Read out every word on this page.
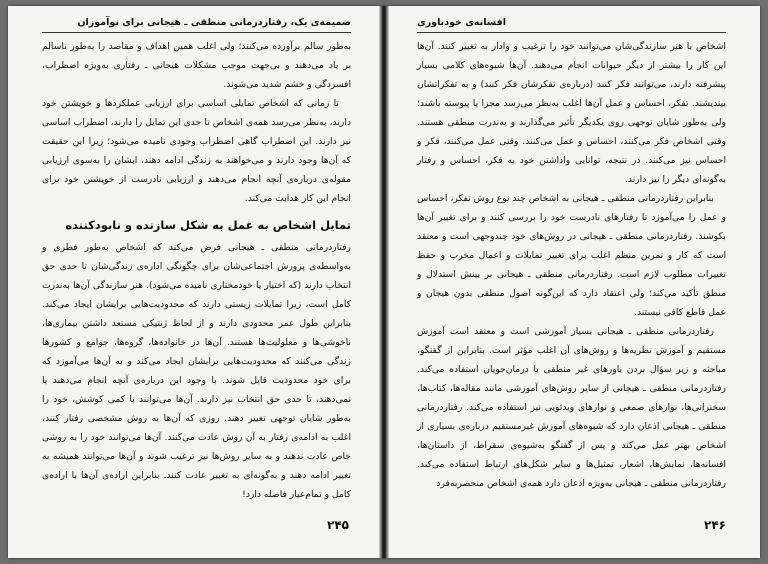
ضمیمه‌ی یک، رفتاردرمانی منطقی ـ هیجانی برای نوآموزان

به‌طور سالم برآورده می‌کنند؛ ولی اغلب همین اهداف و مقاصد را به‌طور ناسالم بر یاد می‌دهند و بی‌جهت موجب مشکلات هیجانی ـ رفتاری به‌ویژه اضطراب، افسردگی و خشم شدید می‌شوند.

تا زمانی که اشخاص تمایلی اساسی برای ارزیابی عملکردها و خویشتن خود دارند، به‌نظر می‌رسد همه‌ی اشخاص تا حدی این تمایل را دارند، اضطراب اساسی نیز دارند. این اضطراب گاهی اضطراب وجودی نامیده می‌شود؛ زیرا این حقیقت که آن‌ها وجود دارند و می‌خواهند به زندگی ادامه دهند، ایشان را به‌سوی ارزیابی مقوله‌ی درباره‌ی آنچه انجام می‌دهند و ارزیابی نادرست از خویشتن خود برای انجام این کار هدایت می‌کند.

تمایل اشخاص به عمل به شکل سازنده و نابودکننده

رفتاردرمانی منطقی ـ هیجانی فرض می‌کند که اشخاص به‌طور فطری و به‌واسطه‌ی پرورش اجتماعی‌شان برای چگونگی اداره‌ی زندگی‌شان تا حدی حق انتخاب دارند (که اختیار یا خودمختاری نامیده می‌شود). هنر سازندگی آن‌ها به‌ندرت کامل است، زیرا تمایلات زیستی دارند که محدودیت‌هایی برایشان ایجاد می‌کند. بنابراین طول عمر محدودی دارند و از لحاظ ژنتیکی مستعد داشتن بیماری‌ها، ناخوشی‌ها و معلولیت‌ها هستند. آن‌ها در خانواده‌ها، گروه‌ها، جوامع و کشورها زندگی می‌کنند که محدودیت‌هایی برایشان ایجاد می‌کند و به آن‌ها می‌آموزد که برای خود محدودیت قایل شوند. با وجود این درباره‌ی آنچه انجام می‌دهند یا نمی‌دهند، تا حدی حق انتخاب نیز دارند. آن‌ها می‌توانند با کمی کوشش، خود را به‌طور شایان توجهی تغییر دهند. روزی که آن‌ها به روش مشخصی رفتار کنند، اغلب به ادامه‌ی رفتار به آن روش عادت می‌کنند. آن‌ها می‌توانند خود را به روشی خاص عادت ندهند و به سایر روش‌ها نیز ترغیب شوند و آن‌ها می‌توانند همیشه به تغییر ادامه دهند و به‌گونه‌ای به تغییر عادت کنند. بنابراین اراده‌ی آن‌ها با اراده‌ی کامل و تمام‌عیار فاصله دارد!

۲۴۵
افسانه‌ی خودباوری

اشخاص با هنر سازندگی‌شان می‌توانند خود را ترغیب و وادار به تغییر کنند. آن‌ها این کار را بیشتر از دیگر حیوانات انجام می‌دهند. آن‌ها شیوه‌های کلامی بسیار پیشرفته دارند، می‌توانند فکر کنند (درباره‌ی تفکرشان فکر کنند) و به تفکراتشان بیندیشند. تفکر، احساس و عمل آن‌ها اغلب به‌نظر می‌رسد مجزا یا پیوسته باشند؛ ولی به‌طور شایان توجهی روی یکدیگر تأثیر می‌گذارند و به‌ندرت منطقی هستند. وقتی اشخاص فکر می‌کنند، احساس و عمل می‌کنند. وقتی عمل می‌کنند، فکر و احساس نیز می‌کنند. در نتیجه، توانایی واداشتن خود به فکر، احساس و رفتار به‌گونه‌ای دیگر را نیز دارند.

بنابراین رفتاردرمانی منطقی ـ هیجانی به اشخاص چند نوع روش تفکر، احساس و عمل را می‌آموزد تا رفتارهای نادرست خود را بررسی کنند و برای تغییر آن‌ها بکوشند. رفتاردرمانی منطقی ـ هیجانی در روش‌های خود چندوجهی است و معتقد است که کار و تمرین منظم اغلب برای تغییر تمایلات و اعمال مخرب و حفظ تغییرات مطلوب لازم است. رفتاردرمانی منطقی ـ هیجانی بر بینش استدلال و منطق تأکید می‌کند؛ ولی اعتقاد دارد که این‌گونه اصول منطقی بدون هیجان و عمل قاطع کافی نیستند.

رفتاردرمانی منطقی ـ هیجانی بسیار آموزشی است و معتقد است آموزش مستقیم و آموزش نظریه‌ها و روش‌های آن اغلب مؤثر است. بنابراین از گفتگو، مباحثه و زیر سؤال بردن باورهای غیر منطقی با درمان‌جویان استفاده می‌کند. رفتاردرمانی منطقی ـ هیجانی از سایر روش‌های آموزشی مانند مقاله‌ها، کتاب‌ها، سخنرانی‌ها، نوارهای صمعی و نوارهای ویدئویی نیز استفاده می‌کند. رفتاردرمانی منطقی ـ هیجانی اذعان دارد که شیوه‌های آموزش غیرمستقیم درباره‌ی بسیاری از اشخاص بهتر عمل می‌کند و پس از گفتگو به‌شیوه‌ی سقراط، از داستان‌ها، افسانه‌ها، نمایش‌ها، اشعار، تمثیل‌ها و سایر شکل‌های ارتباط استفاده می‌کند. رفتاردرمانی منطقی ـ هیجانی به‌ویژه اذعان دارد همه‌ی اشخاص منحصربه‌فرد

۲۴۶
